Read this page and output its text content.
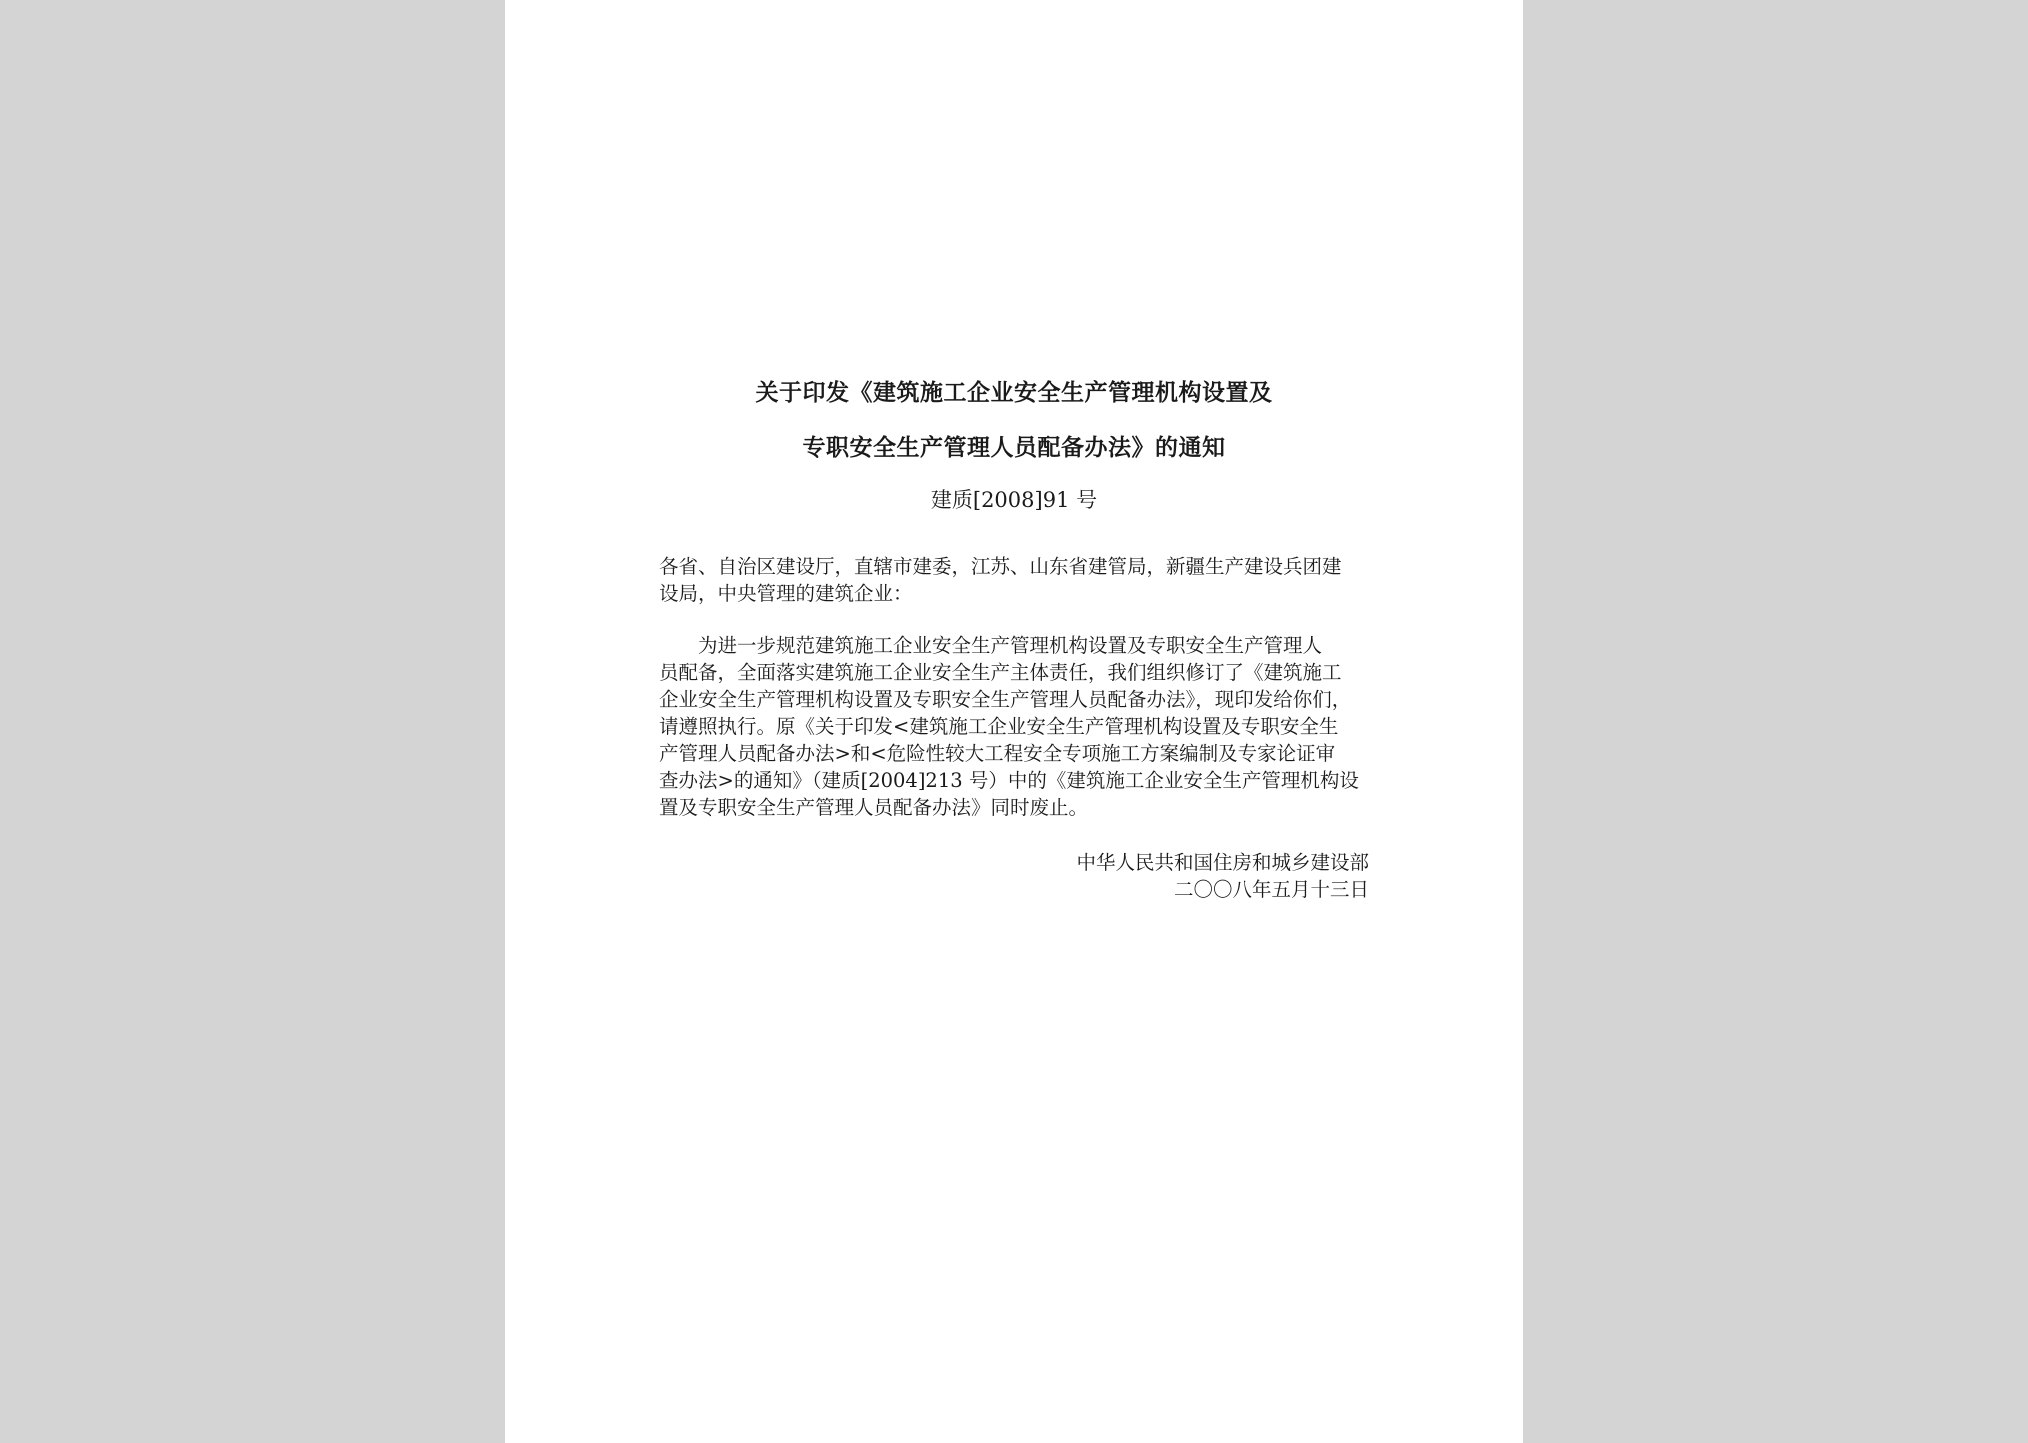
关于印发《建筑施工企业安全生产管理机构设置及
专职安全生产管理人员配备办法》的通知
建质[2008]91 号
各省、自治区建设厅，直辖市建委，江苏、山东省建管局，新疆生产建设兵团建
设局，中央管理的建筑企业：
　　为进一步规范建筑施工企业安全生产管理机构设置及专职安全生产管理人
员配备，全面落实建筑施工企业安全生产主体责任，我们组织修订了《建筑施工
企业安全生产管理机构设置及专职安全生产管理人员配备办法》，现印发给你们，
请遵照执行。原《关于印发<建筑施工企业安全生产管理机构设置及专职安全生
产管理人员配备办法>和<危险性较大工程安全专项施工方案编制及专家论证审
查办法>的通知》（建质[2004]213 号）中的《建筑施工企业安全生产管理机构设
置及专职安全生产管理人员配备办法》同时废止。
中华人民共和国住房和城乡建设部
二〇〇八年五月十三日
